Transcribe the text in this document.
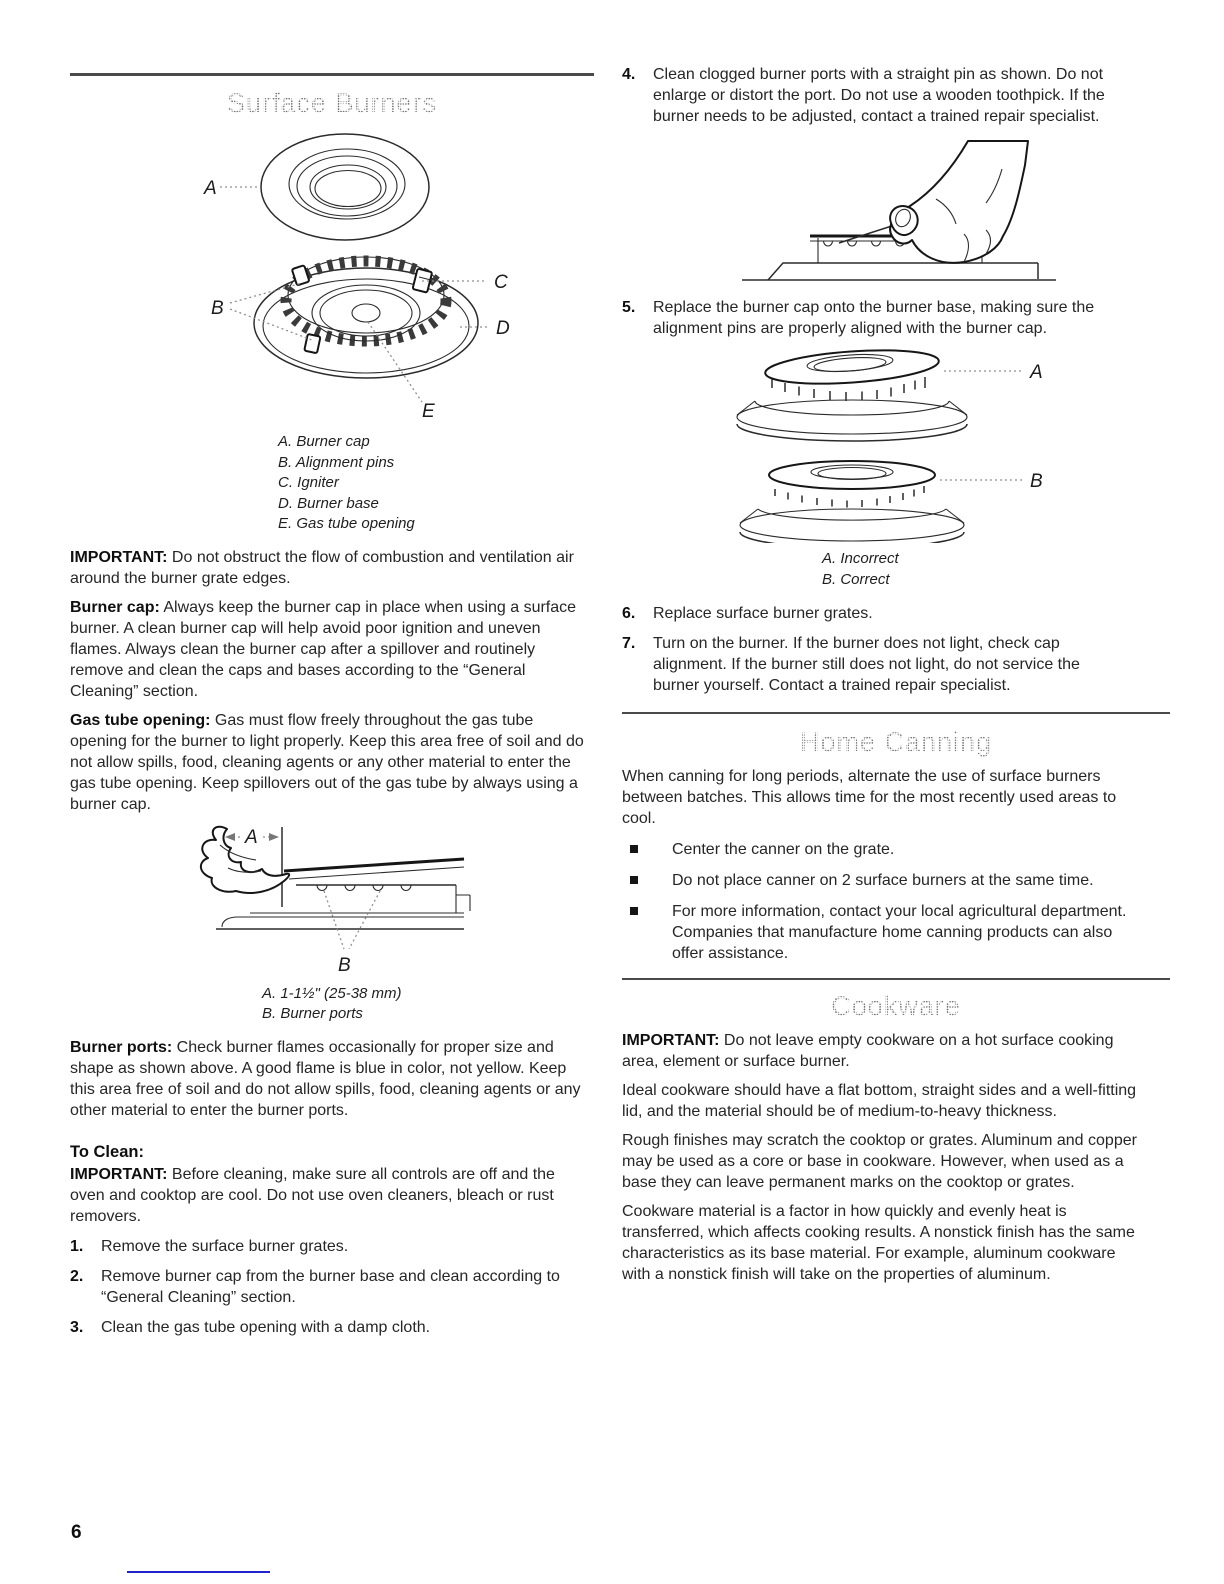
Surface Burners
A
B
C
D
E
A. Burner cap
B. Alignment pins
C. Igniter
D. Burner base
E. Gas tube opening

IMPORTANT: Do not obstruct the flow of combustion and ventilation air around the burner grate edges.

Burner cap: Always keep the burner cap in place when using a surface burner. A clean burner cap will help avoid poor ignition and uneven flames. Always clean the burner cap after a spillover and routinely remove and clean the caps and bases according to the “General Cleaning” section.

Gas tube opening: Gas must flow freely throughout the gas tube opening for the burner to light properly. Keep this area free of soil and do not allow spills, food, cleaning agents or any other material to enter the gas tube opening. Keep spillovers out of the gas tube by always using a burner cap.

A
B
A. 1-1½" (25-38 mm)
B. Burner ports

Burner ports: Check burner flames occasionally for proper size and shape as shown above. A good flame is blue in color, not yellow. Keep this area free of soil and do not allow spills, food, cleaning agents or any other material to enter the burner ports.

To Clean:

IMPORTANT: Before cleaning, make sure all controls are off and the oven and cooktop are cool. Do not use oven cleaners, bleach or rust removers.

1.	Remove the surface burner grates.
2.	Remove burner cap from the burner base and clean according to “General Cleaning” section.
3.	Clean the gas tube opening with a damp cloth.
4.	Clean clogged burner ports with a straight pin as shown. Do not enlarge or distort the port. Do not use a wooden toothpick. If the burner needs to be adjusted, contact a trained repair specialist.
5.	Replace the burner cap onto the burner base, making sure the alignment pins are properly aligned with the burner cap.
A
B
A. Incorrect
B. Correct
6.	Replace surface burner grates.
7.	Turn on the burner. If the burner does not light, check cap alignment. If the burner still does not light, do not service the burner yourself. Contact a trained repair specialist.
Home Canning

When canning for long periods, alternate the use of surface burners between batches. This allows time for the most recently used areas to cool.

Center the canner on the grate.
Do not place canner on 2 surface burners at the same time.
For more information, contact your local agricultural department. Companies that manufacture home canning products can also offer assistance.
Cookware

IMPORTANT: Do not leave empty cookware on a hot surface cooking area, element or surface burner.

Ideal cookware should have a flat bottom, straight sides and a well-fitting lid, and the material should be of medium-to-heavy thickness.

Rough finishes may scratch the cooktop or grates. Aluminum and copper may be used as a core or base in cookware. However, when used as a base they can leave permanent marks on the cooktop or grates.

Cookware material is a factor in how quickly and evenly heat is transferred, which affects cooking results. A nonstick finish has the same characteristics as its base material. For example, aluminum cookware with a nonstick finish will take on the properties of aluminum.

6
